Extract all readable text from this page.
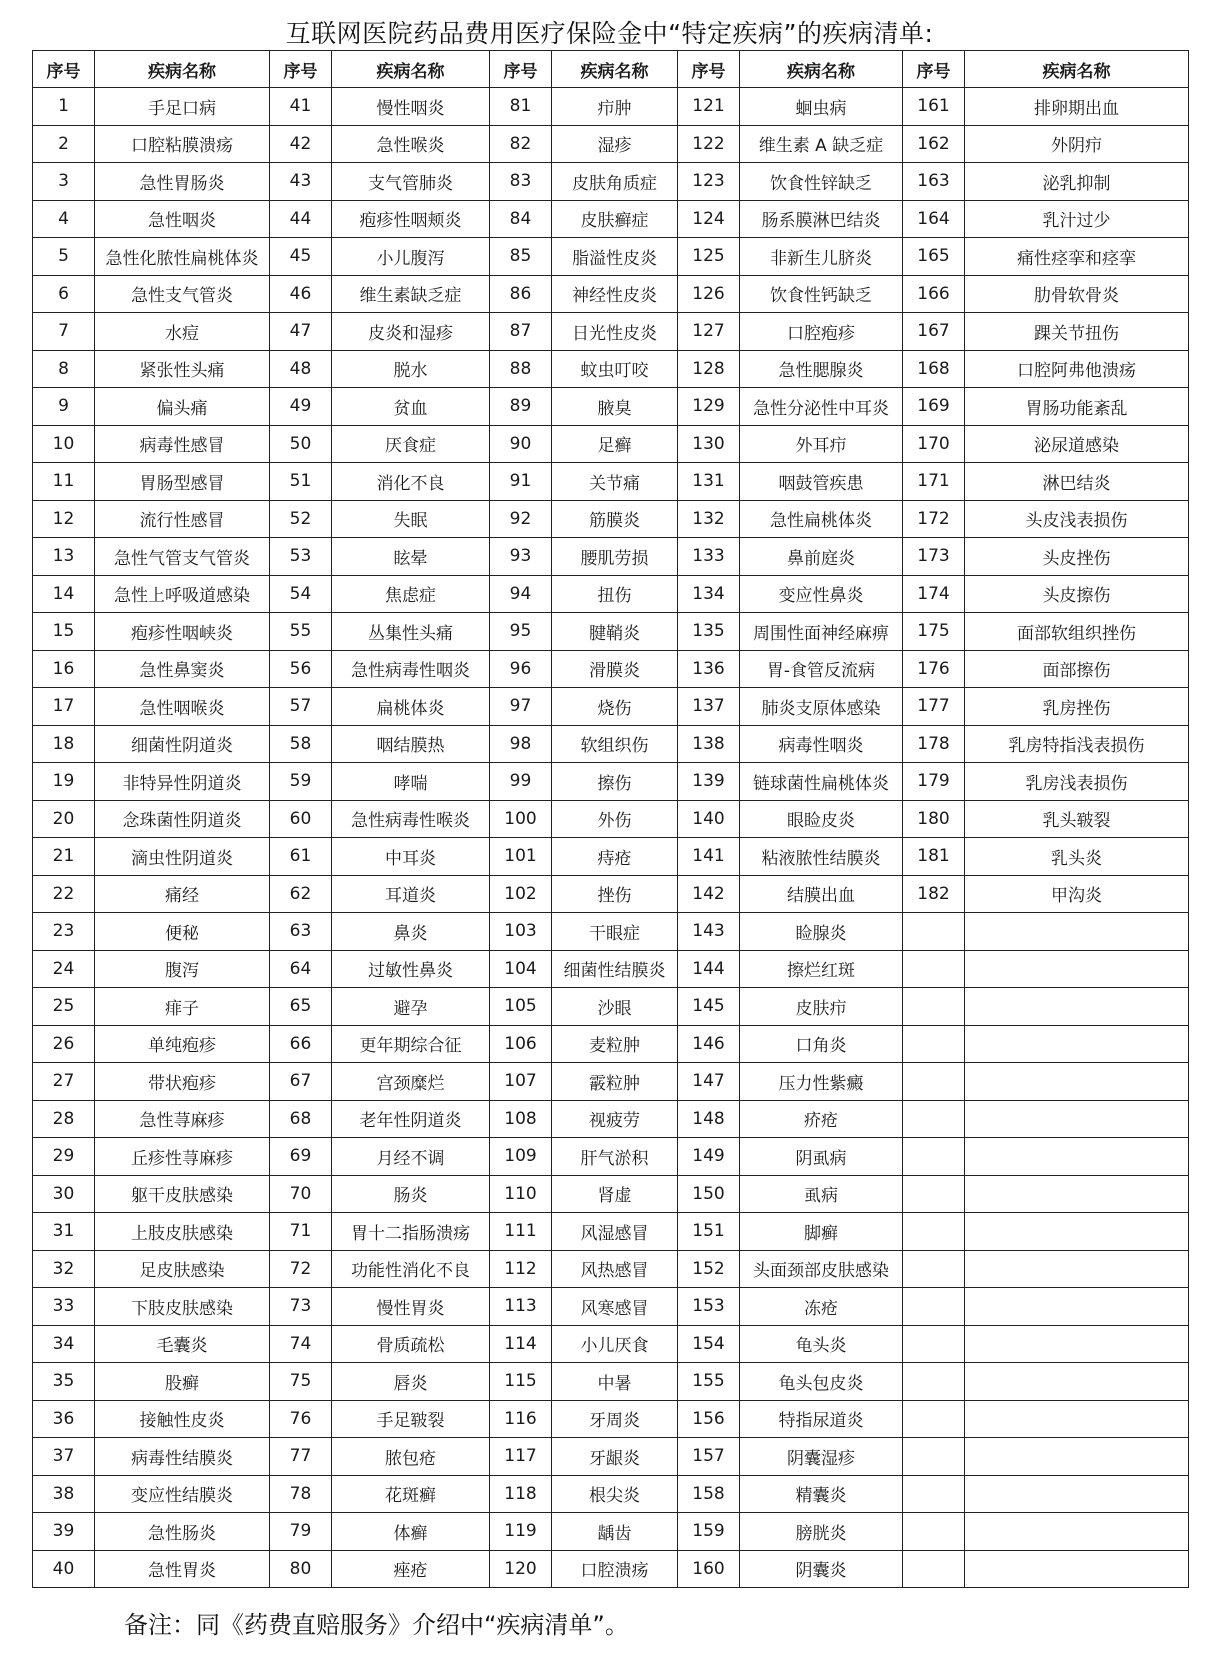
互联网医院药品费用医疗保险金中“特定疾病”的疾病清单:
序号	疾病名称	序号	疾病名称	序号	疾病名称	序号	疾病名称	序号	疾病名称
1	手足口病	41	慢性咽炎	81	疖肿	121	蛔虫病	161	排卵期出血
2	口腔粘膜溃疡	42	急性喉炎	82	湿疹	122	维生素 A 缺乏症	162	外阴疖
3	急性胃肠炎	43	支气管肺炎	83	皮肤角质症	123	饮食性锌缺乏	163	泌乳抑制
4	急性咽炎	44	疱疹性咽颊炎	84	皮肤癣症	124	肠系膜淋巴结炎	164	乳汁过少
5	急性化脓性扁桃体炎	45	小儿腹泻	85	脂溢性皮炎	125	非新生儿脐炎	165	痛性痉挛和痉挛
6	急性支气管炎	46	维生素缺乏症	86	神经性皮炎	126	饮食性钙缺乏	166	肋骨软骨炎
7	水痘	47	皮炎和湿疹	87	日光性皮炎	127	口腔疱疹	167	踝关节扭伤
8	紧张性头痛	48	脱水	88	蚊虫叮咬	128	急性腮腺炎	168	口腔阿弗他溃疡
9	偏头痛	49	贫血	89	腋臭	129	急性分泌性中耳炎	169	胃肠功能紊乱
10	病毒性感冒	50	厌食症	90	足癣	130	外耳疖	170	泌尿道感染
11	胃肠型感冒	51	消化不良	91	关节痛	131	咽鼓管疾患	171	淋巴结炎
12	流行性感冒	52	失眠	92	筋膜炎	132	急性扁桃体炎	172	头皮浅表损伤
13	急性气管支气管炎	53	眩晕	93	腰肌劳损	133	鼻前庭炎	173	头皮挫伤
14	急性上呼吸道感染	54	焦虑症	94	扭伤	134	变应性鼻炎	174	头皮擦伤
15	疱疹性咽峡炎	55	丛集性头痛	95	腱鞘炎	135	周围性面神经麻痹	175	面部软组织挫伤
16	急性鼻窦炎	56	急性病毒性咽炎	96	滑膜炎	136	胃-食管反流病	176	面部擦伤
17	急性咽喉炎	57	扁桃体炎	97	烧伤	137	肺炎支原体感染	177	乳房挫伤
18	细菌性阴道炎	58	咽结膜热	98	软组织伤	138	病毒性咽炎	178	乳房特指浅表损伤
19	非特异性阴道炎	59	哮喘	99	擦伤	139	链球菌性扁桃体炎	179	乳房浅表损伤
20	念珠菌性阴道炎	60	急性病毒性喉炎	100	外伤	140	眼睑皮炎	180	乳头皲裂
21	滴虫性阴道炎	61	中耳炎	101	痔疮	141	粘液脓性结膜炎	181	乳头炎
22	痛经	62	耳道炎	102	挫伤	142	结膜出血	182	甲沟炎
23	便秘	63	鼻炎	103	干眼症	143	睑腺炎		
24	腹泻	64	过敏性鼻炎	104	细菌性结膜炎	144	擦烂红斑		
25	痱子	65	避孕	105	沙眼	145	皮肤疖		
26	单纯疱疹	66	更年期综合征	106	麦粒肿	146	口角炎		
27	带状疱疹	67	宫颈糜烂	107	霰粒肿	147	压力性紫癜		
28	急性荨麻疹	68	老年性阴道炎	108	视疲劳	148	疥疮		
29	丘疹性荨麻疹	69	月经不调	109	肝气淤积	149	阴虱病		
30	躯干皮肤感染	70	肠炎	110	肾虚	150	虱病		
31	上肢皮肤感染	71	胃十二指肠溃疡	111	风湿感冒	151	脚癣		
32	足皮肤感染	72	功能性消化不良	112	风热感冒	152	头面颈部皮肤感染		
33	下肢皮肤感染	73	慢性胃炎	113	风寒感冒	153	冻疮		
34	毛囊炎	74	骨质疏松	114	小儿厌食	154	龟头炎		
35	股癣	75	唇炎	115	中暑	155	龟头包皮炎		
36	接触性皮炎	76	手足皲裂	116	牙周炎	156	特指尿道炎		
37	病毒性结膜炎	77	脓包疮	117	牙龈炎	157	阴囊湿疹		
38	变应性结膜炎	78	花斑癣	118	根尖炎	158	精囊炎		
39	急性肠炎	79	体癣	119	龋齿	159	膀胱炎		
40	急性胃炎	80	痤疮	120	口腔溃疡	160	阴囊炎		
备注：同《药费直赔服务》介绍中“疾病清单”。
